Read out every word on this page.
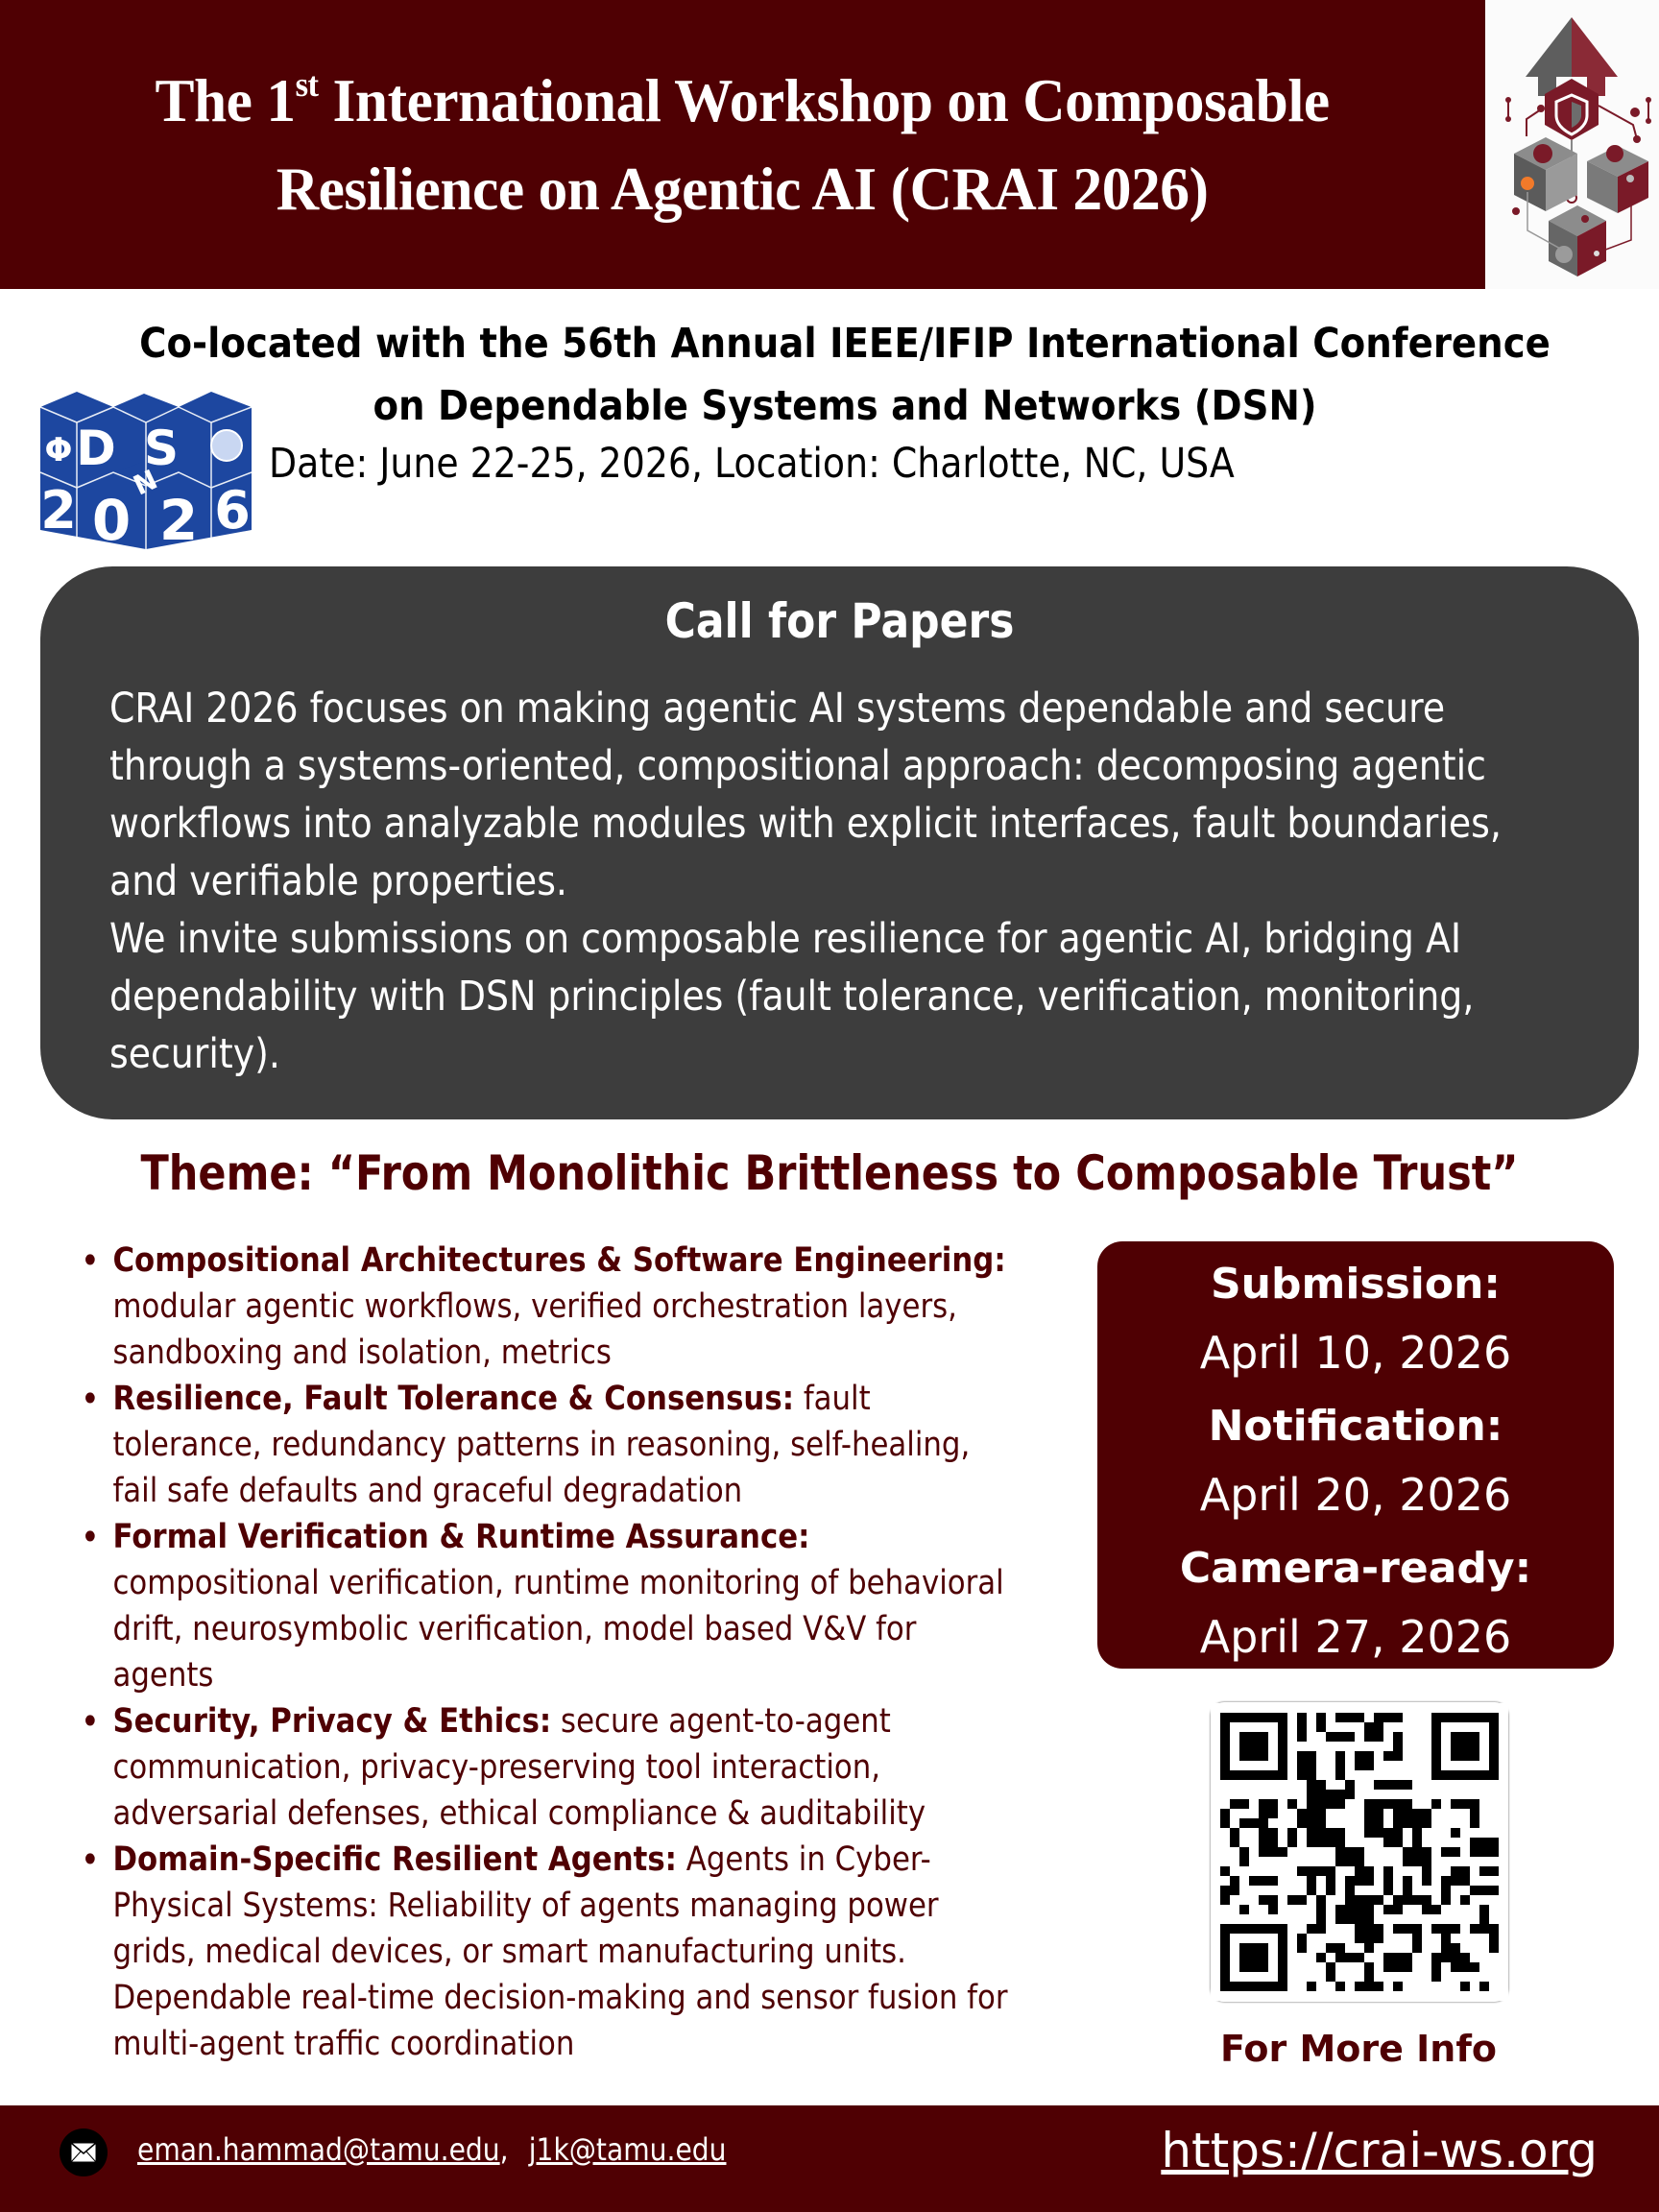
The 1st International Workshop on Composable
Resilience on Agentic AI (CRAI 2026)
Co-located with the 56th Annual IEEE/IFIP International Conference
on Dependable Systems and Networks (DSN)
Φ D S
N
2 0 2 6
Date: June 22-25, 2026, Location: Charlotte, NC, USA
Call for Papers

CRAI 2026 focuses on making agentic AI systems dependable and secure through a systems-oriented, compositional approach: decomposing agentic workflows into analyzable modules with explicit interfaces, fault boundaries, and verifiable properties.

We invite submissions on composable resilience for agentic AI, bridging AI dependability with DSN principles (fault tolerance, verification, monitoring, security).

Theme: “From Monolithic Brittleness to Composable Trust”
• Compositional Architectures & Software Engineering: modular agentic workflows, verified orchestration layers, sandboxing and isolation, metrics
• Resilience, Fault Tolerance & Consensus: fault tolerance, redundancy patterns in reasoning, self-healing, fail safe defaults and graceful degradation
• Formal Verification & Runtime Assurance: compositional verification, runtime monitoring of behavioral drift, neurosymbolic verification, model based V&V for agents
• Security, Privacy & Ethics: secure agent-to-agent communication, privacy-preserving tool interaction, adversarial defenses, ethical compliance & auditability
• Domain-Specific Resilient Agents: Agents in Cyber-Physical Systems: Reliability of agents managing power grids, medical devices, or smart manufacturing units. Dependable real-time decision-making and sensor fusion for multi-agent traffic coordination
Submission:
April 10, 2026
Notification:
April 20, 2026
Camera-ready:
April 27, 2026
For More Info
eman.hammad@tamu.edu, j1k@tamu.edu	https://crai-ws.org
